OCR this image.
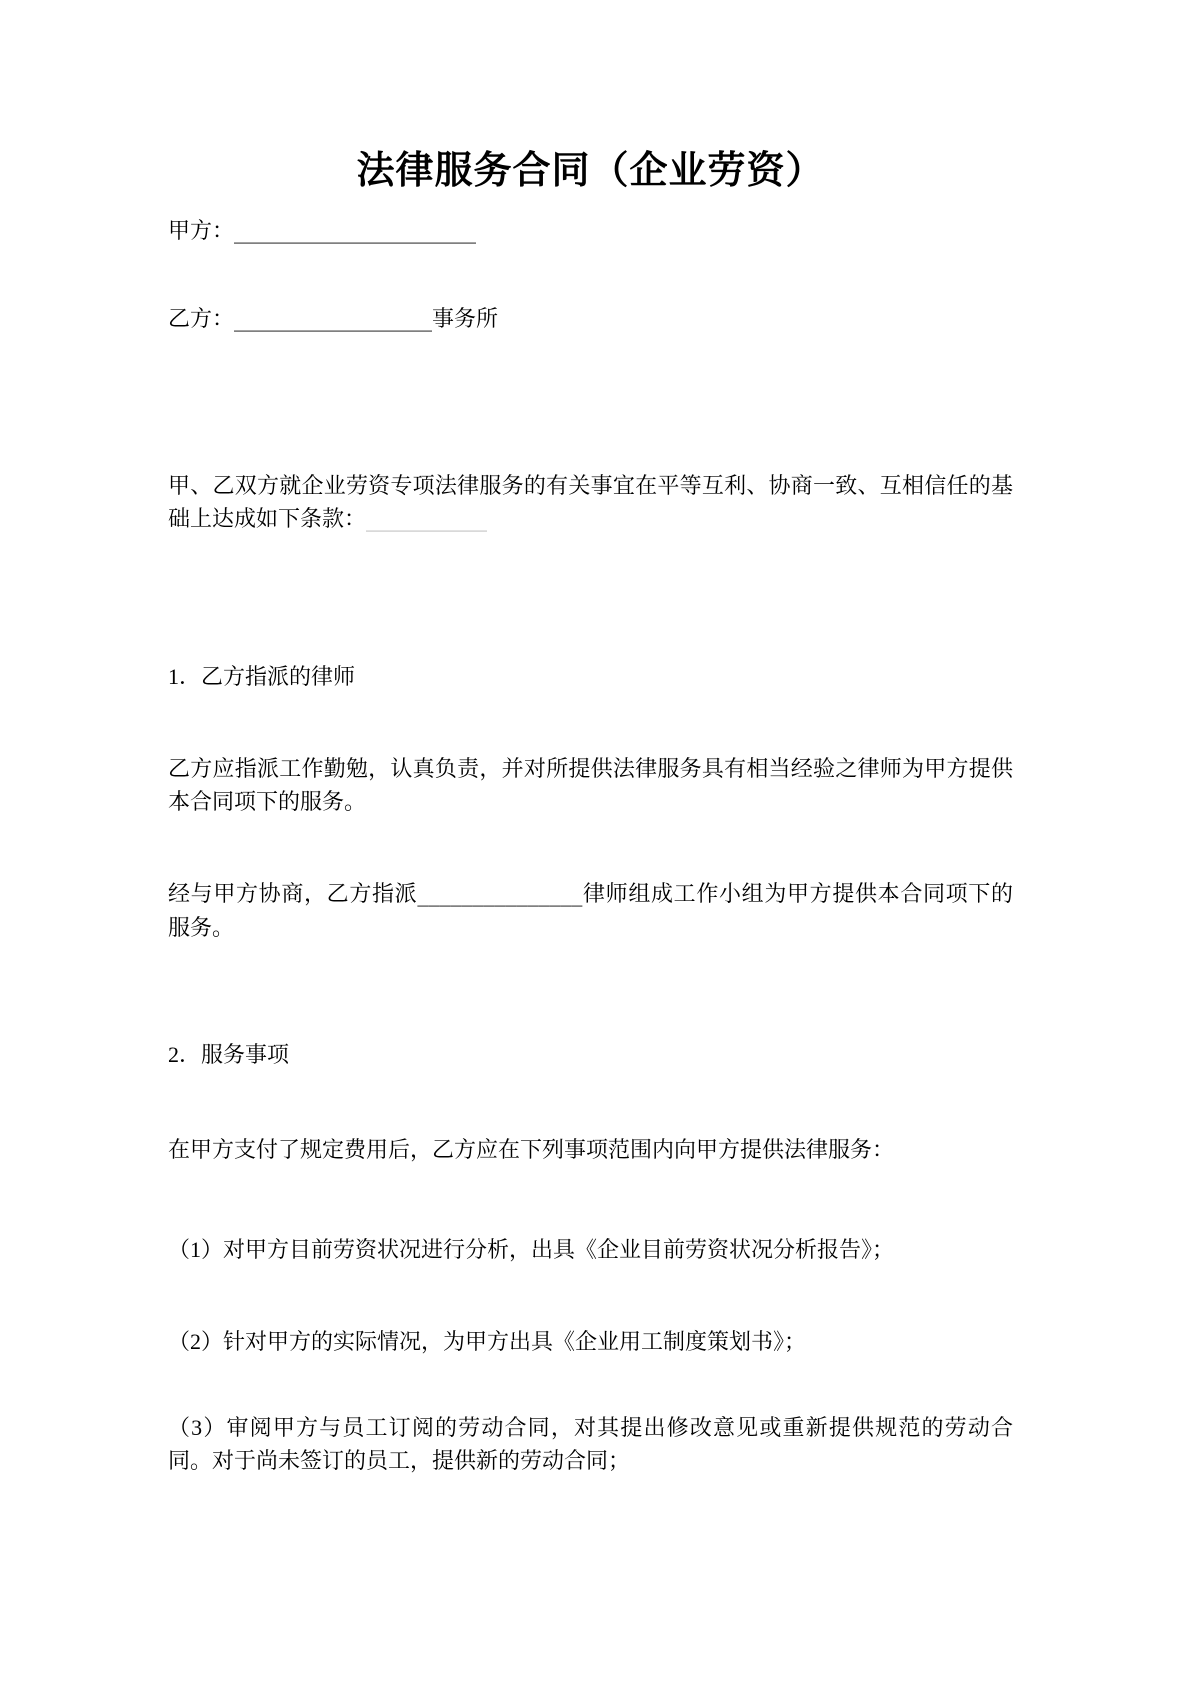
法律服务合同（企业劳资）

甲方：______________________

乙方：__________________事务所

甲、乙双方就企业劳资专项法律服务的有关事宜在平等互利、协商一致、互相信任的基础上达成如下条款：___________

1．乙方指派的律师

乙方应指派工作勤勉，认真负责，并对所提供法律服务具有相当经验之律师为甲方提供本合同项下的服务。

经与甲方协商，乙方指派_______________律师组成工作小组为甲方提供本合同项下的服务。

2．服务事项

在甲方支付了规定费用后，乙方应在下列事项范围内向甲方提供法律服务：

（1）对甲方目前劳资状况进行分析，出具《企业目前劳资状况分析报告》；

（2）针对甲方的实际情况，为甲方出具《企业用工制度策划书》；

（3）审阅甲方与员工订阅的劳动合同，对其提出修改意见或重新提供规范的劳动合同。对于尚未签订的员工，提供新的劳动合同；
